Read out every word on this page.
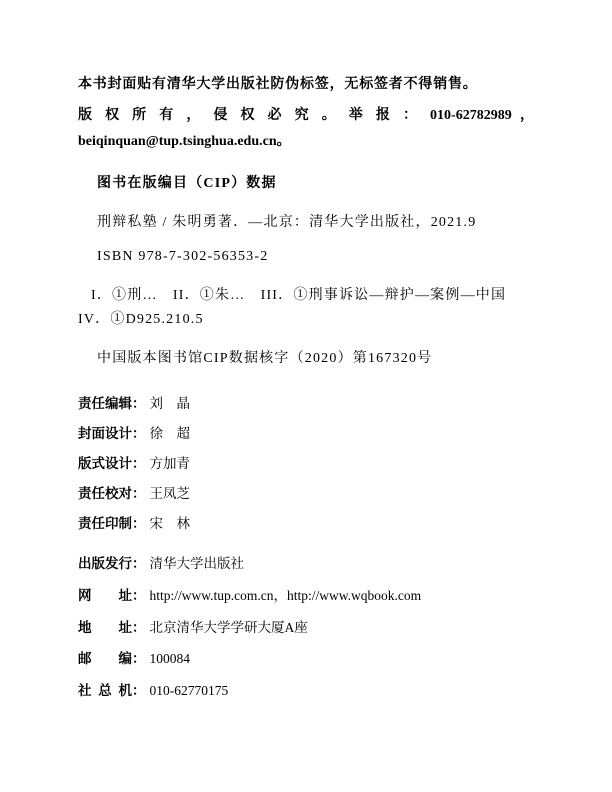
本书封面贴有清华大学出版社防伪标签，无标签者不得销售。
版 权 所 有 ， 侵 权 必 究 。 举 报 ： 010-62782989 ，
beiqinquan@tup.tsinghua.edu.cn。
图书在版编目（CIP）数据
刑辩私塾 / 朱明勇著．—北京：清华大学出版社，2021.9
ISBN 978-7-302-56353-2
I．①刑…　II．①朱…　III．①刑事诉讼—辩护—案例—中国
IV．①D925.210.5
中国版本图书馆CIP数据核字（2020）第167320号
责任编辑： 刘　晶
封面设计： 徐　超
版式设计： 方加青
责任校对： 王凤芝
责任印制： 宋　林
出版发行： 清华大学出版社
网　　址： http://www.tup.com.cn，http://www.wqbook.com
地　　址： 北京清华大学学研大厦A座
邮　　编： 100084
社 总 机： 010-62770175
